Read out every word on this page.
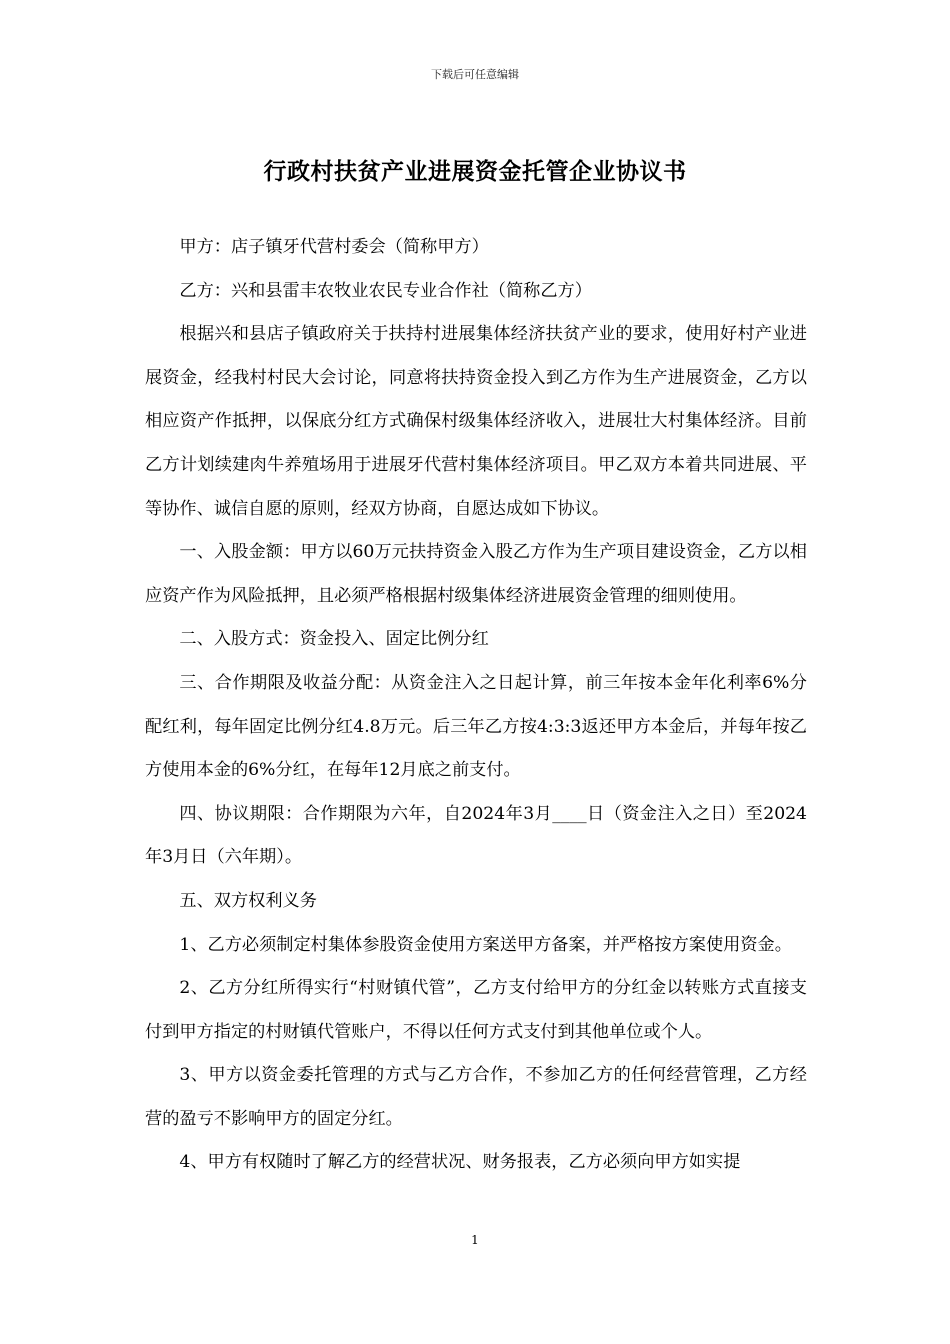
下载后可任意编辑
行政村扶贫产业进展资金托管企业协议书

甲方：店子镇牙代营村委会（简称甲方）

乙方：兴和县雷丰农牧业农民专业合作社（简称乙方）

根据兴和县店子镇政府关于扶持村进展集体经济扶贫产业的要求，使用好村产业进展资金，经我村村民大会讨论，同意将扶持资金投入到乙方作为生产进展资金，乙方以相应资产作抵押，以保底分红方式确保村级集体经济收入，进展壮大村集体经济。目前乙方计划续建肉牛养殖场用于进展牙代营村集体经济项目。甲乙双方本着共同进展、平等协作、诚信自愿的原则，经双方协商，自愿达成如下协议。

一、入股金额：甲方以60万元扶持资金入股乙方作为生产项目建设资金，乙方以相应资产作为风险抵押，且必须严格根据村级集体经济进展资金管理的细则使用。

二、入股方式：资金投入、固定比例分红

三、合作期限及收益分配：从资金注入之日起计算，前三年按本金年化利率6%分配红利，每年固定比例分红4.8万元。后三年乙方按4:3:3返还甲方本金后，并每年按乙方使用本金的6%分红，在每年12月底之前支付。

四、协议期限：合作期限为六年，自2024年3月____日（资金注入之日）至2024年3月日（六年期）。

五、双方权利义务

1、乙方必须制定村集体参股资金使用方案送甲方备案，并严格按方案使用资金。

2、乙方分红所得实行“村财镇代管”，乙方支付给甲方的分红金以转账方式直接支付到甲方指定的村财镇代管账户，不得以任何方式支付到其他单位或个人。

3、甲方以资金委托管理的方式与乙方合作，不参加乙方的任何经营管理，乙方经营的盈亏不影响甲方的固定分红。

4、甲方有权随时了解乙方的经营状况、财务报表，乙方必须向甲方如实提

1
